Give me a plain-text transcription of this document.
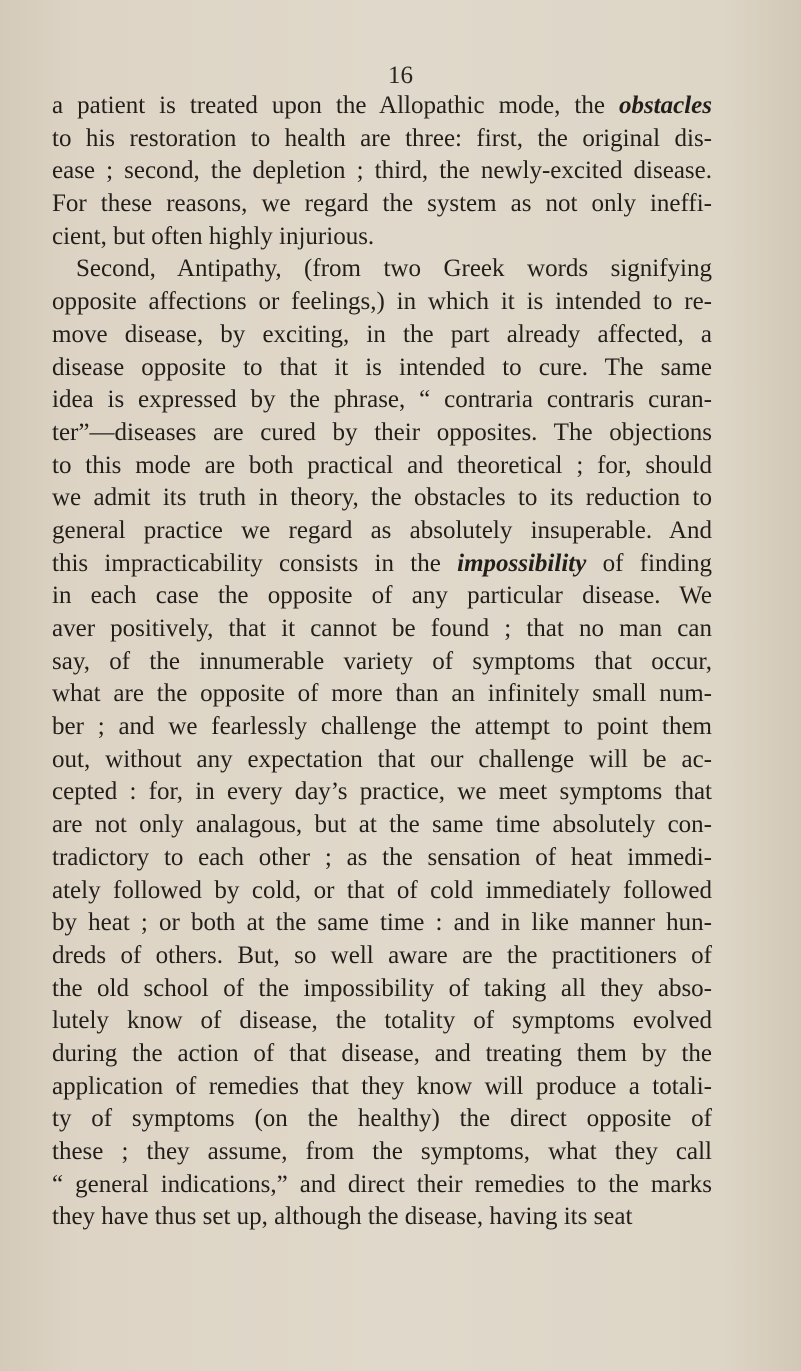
16
a patient is treated upon the Allopathic mode, the obstacles
to his restoration to health are three: first, the original dis-
ease ; second, the depletion ; third, the newly-excited disease.
For these reasons, we regard the system as not only ineffi-
cient, but often highly injurious.
Second, Antipathy, (from two Greek words signifying
opposite affections or feelings,) in which it is intended to re-
move disease, by exciting, in the part already affected, a
disease opposite to that it is intended to cure. The same
idea is expressed by the phrase, “ contraria contraris curan-
ter”—diseases are cured by their opposites. The objections
to this mode are both practical and theoretical ; for, should
we admit its truth in theory, the obstacles to its reduction to
general practice we regard as absolutely insuperable. And
this impracticability consists in the impossibility of finding
in each case the opposite of any particular disease. We
aver positively, that it cannot be found ; that no man can
say, of the innumerable variety of symptoms that occur,
what are the opposite of more than an infinitely small num-
ber ; and we fearlessly challenge the attempt to point them
out, without any expectation that our challenge will be ac-
cepted : for, in every day’s practice, we meet symptoms that
are not only analagous, but at the same time absolutely con-
tradictory to each other ; as the sensation of heat immedi-
ately followed by cold, or that of cold immediately followed
by heat ; or both at the same time : and in like manner hun-
dreds of others. But, so well aware are the practitioners of
the old school of the impossibility of taking all they abso-
lutely know of disease, the totality of symptoms evolved
during the action of that disease, and treating them by the
application of remedies that they know will produce a totali-
ty of symptoms (on the healthy) the direct opposite of
these ; they assume, from the symptoms, what they call
“ general indications,” and direct their remedies to the marks
they have thus set up, although the disease, having its seat
